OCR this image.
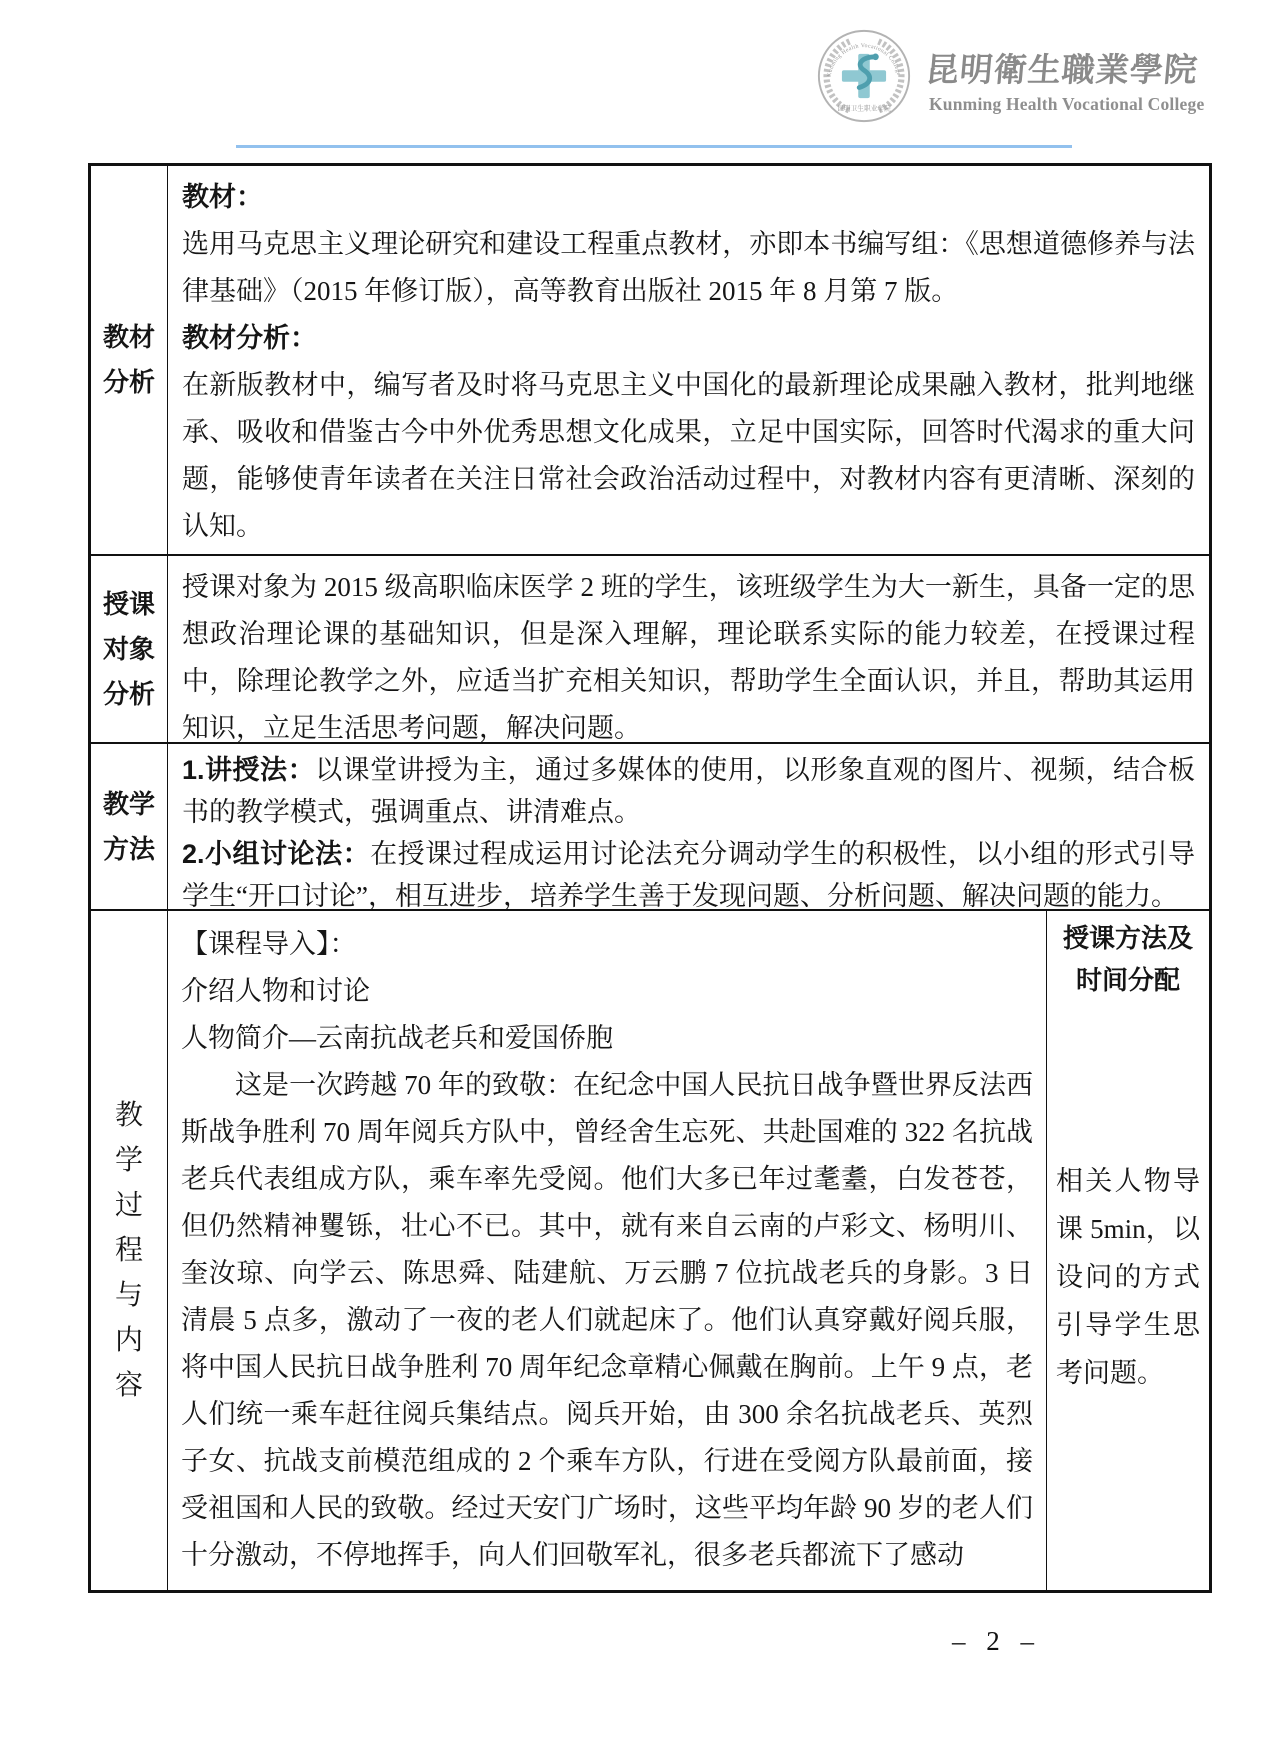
Kunming Health Vocational College
昆明卫生职业学院
昆明衛生職業學院
Kunming Health Vocational College
教材
分析

教材：

选用马克思主义理论研究和建设工程重点教材，亦即本书编写组：《思想道德修养与法律基础》（2015 年修订版），高等教育出版社 2015 年 8 月第 7 版。

教材分析：

在新版教材中，编写者及时将马克思主义中国化的最新理论成果融入教材，批判地继承、吸收和借鉴古今中外优秀思想文化成果，立足中国实际，回答时代渴求的重大问题，能够使青年读者在关注日常社会政治活动过程中，对教材内容有更清晰、深刻的认知。

授课
对象
分析

授课对象为 2015 级高职临床医学 2 班的学生，该班级学生为大一新生，具备一定的思想政治理论课的基础知识，但是深入理解，理论联系实际的能力较差，在授课过程中，除理论教学之外，应适当扩充相关知识，帮助学生全面认识，并且，帮助其运用知识，立足生活思考问题，解决问题。

教学
方法

1.讲授法：以课堂讲授为主，通过多媒体的使用，以形象直观的图片、视频，结合板书的教学模式，强调重点、讲清难点。

2.小组讨论法：在授课过程成运用讨论法充分调动学生的积极性，以小组的形式引导学生“开口讨论”，相互进步，培养学生善于发现问题、分析问题、解决问题的能力。

教
学
过
程
与
内
容

【课程导入】：

介绍人物和讨论

人物简介—云南抗战老兵和爱国侨胞

这是一次跨越 70 年的致敬：在纪念中国人民抗日战争暨世界反法西斯战争胜利 70 周年阅兵方队中，曾经舍生忘死、共赴国难的 322 名抗战老兵代表组成方队，乘车率先受阅。他们大多已年过耄耋，白发苍苍，但仍然精神矍铄，壮心不已。其中，就有来自云南的卢彩文、杨明川、奎汝琼、向学云、陈思舜、陆建航、万云鹏 7 位抗战老兵的身影。3 日清晨 5 点多，激动了一夜的老人们就起床了。他们认真穿戴好阅兵服，将中国人民抗日战争胜利 70 周年纪念章精心佩戴在胸前。上午 9 点，老人们统一乘车赶往阅兵集结点。阅兵开始，由 300 余名抗战老兵、英烈子女、抗战支前模范组成的 2 个乘车方队，行进在受阅方队最前面，接受祖国和人民的致敬。经过天安门广场时，这些平均年龄 90 岁的老人们十分激动，不停地挥手，向人们回敬军礼，很多老兵都流下了感动

授课方法及时间分配

相关人物导课 5min，以设问的方式引导学生思考问题。

– 2 –
